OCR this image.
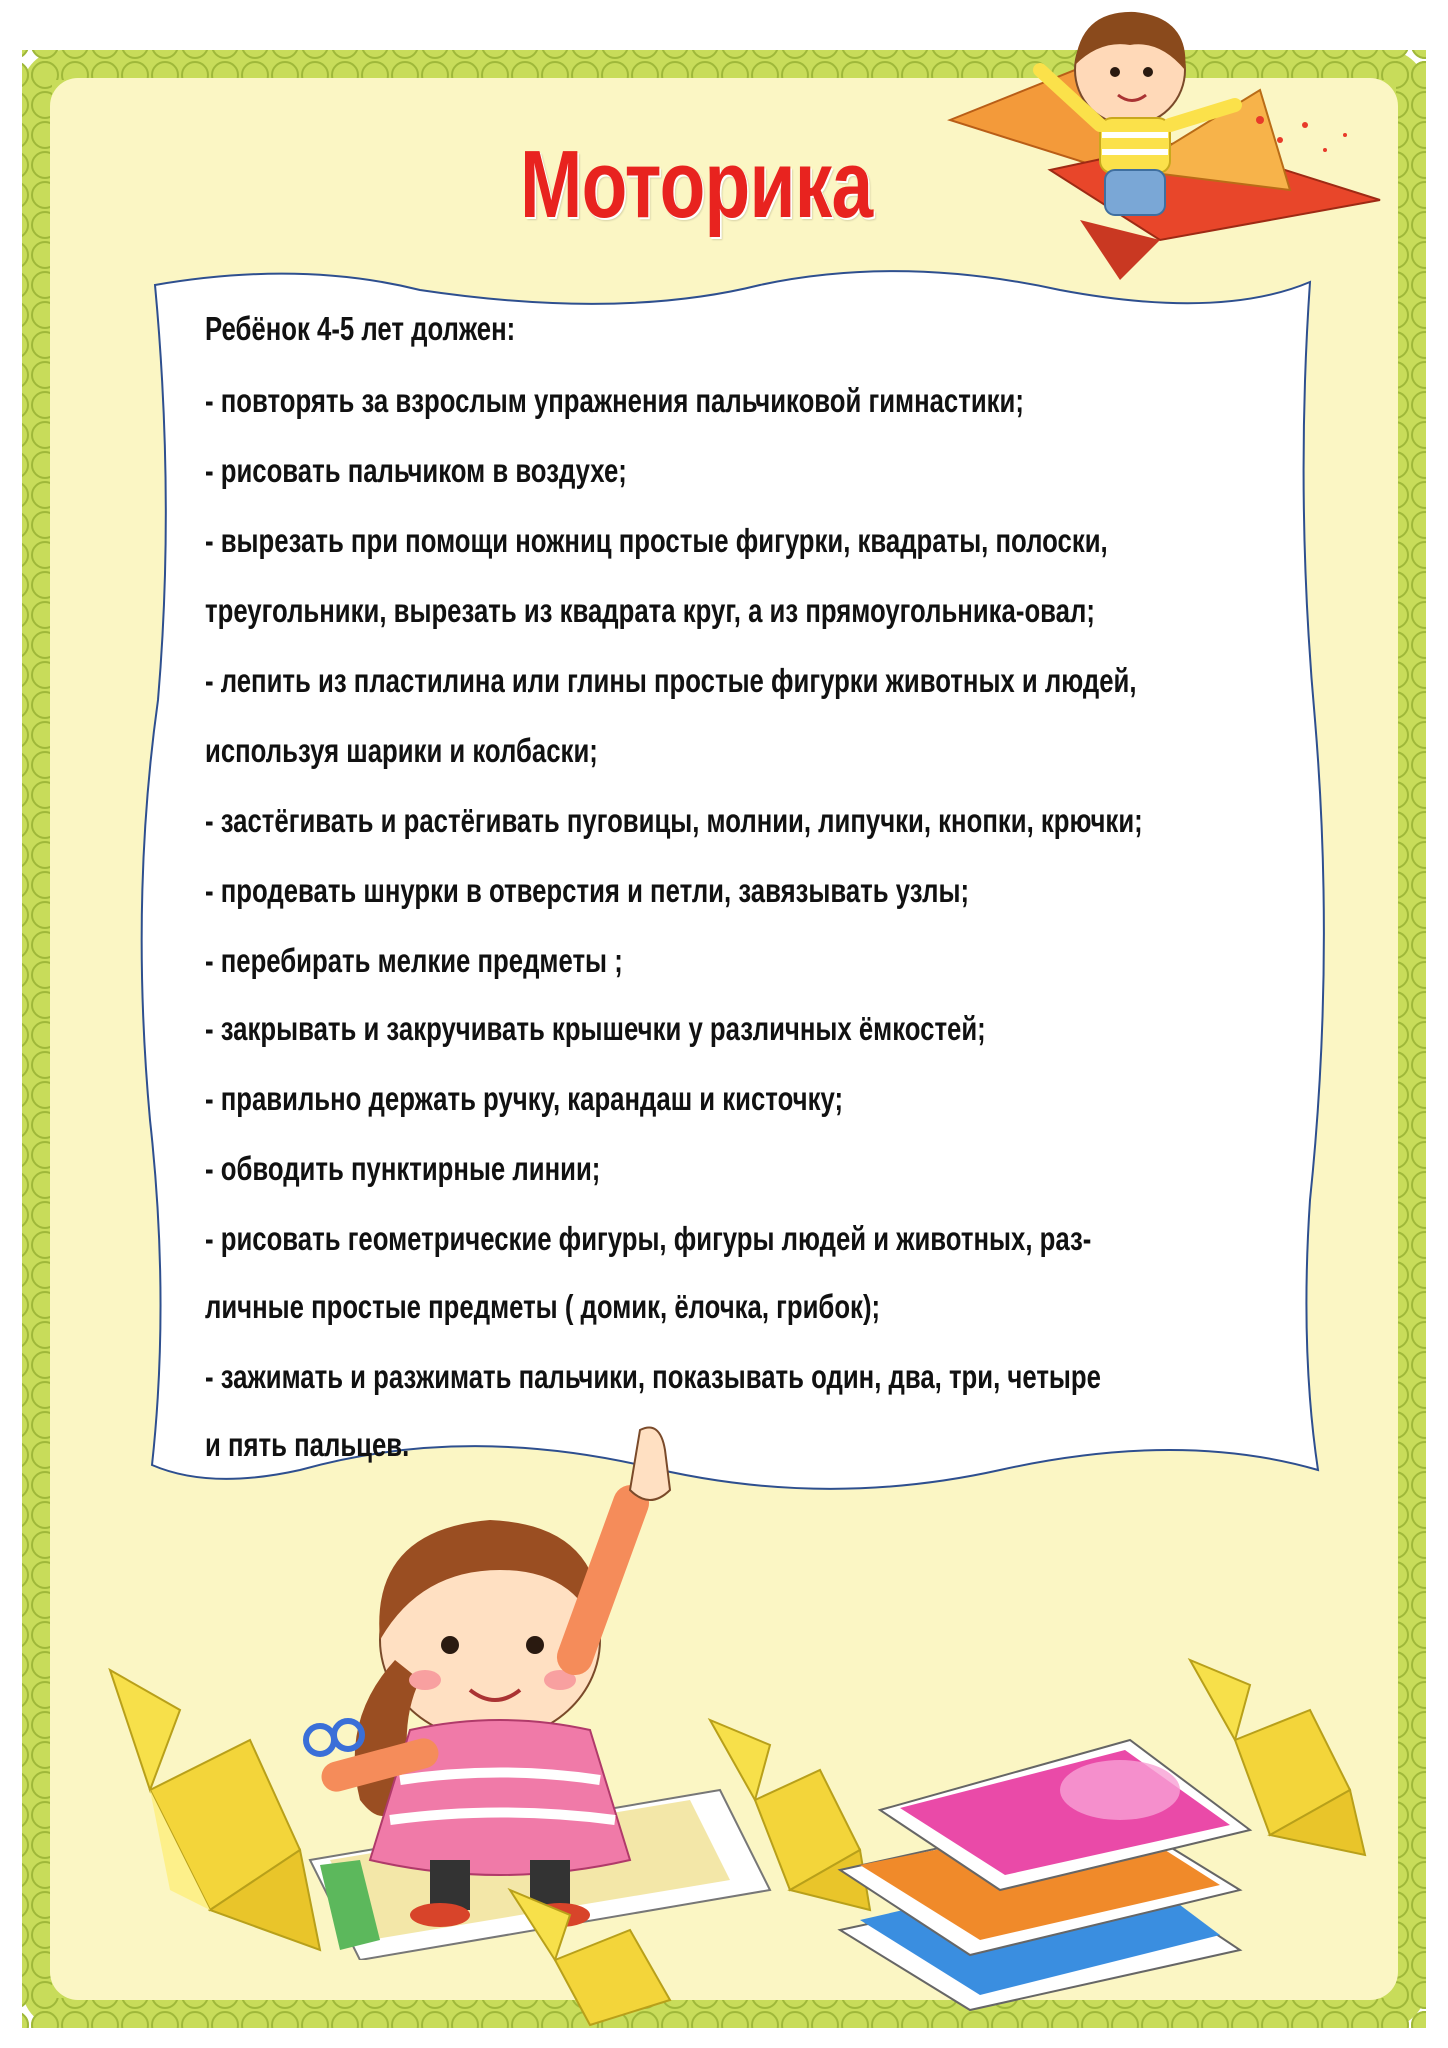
Моторика
Ребёнок 4-5 лет должен:
- повторять за взрослым упражнения пальчиковой гимнастики;
- рисовать пальчиком в воздухе;
- вырезать при помощи ножниц простые фигурки, квадраты, полоски,
треугольники, вырезать из квадрата круг, а из прямоугольника-овал;
- лепить из пластилина или глины простые фигурки животных и людей,
используя шарики и колбаски;
- застёгивать и растёгивать пуговицы, молнии, липучки, кнопки, крючки;
- продевать шнурки в отверстия и петли, завязывать узлы;
- перебирать мелкие предметы ;
- закрывать и закручивать крышечки у различных ёмкостей;
- правильно держать ручку, карандаш и кисточку;
- обводить пунктирные линии;
- рисовать геометрические фигуры, фигуры людей и животных, раз-
личные простые предметы ( домик, ёлочка, грибок);
- зажимать и разжимать пальчики, показывать один, два, три, четыре
и пять пальцев.
